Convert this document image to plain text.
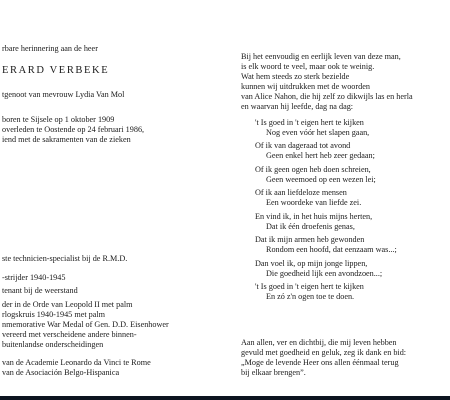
rbare herinnering aan de heer
ERARD VERBEKE
tgenoot van mevrouw Lydia Van Mol
boren te Sijsele op 1 oktober 1909
overleden te Oostende op 24 februari 1986,
iend met de sakramenten van de zieken
ste technicien-specialist bij de R.M.D.
-strijder 1940-1945
tenant bij de weerstand
der in de Orde van Leopold II met palm
rlogskruis 1940-1945 met palm
nmemorative War Medal of Gen. D.D. Eisenhower
vereerd met verscheidene andere binnen-
buitenlandse onderscheidingen
van de Academie Leonardo da Vinci te Rome
van de Asociación Belgo-Hispanica
Bij het eenvoudig en eerlijk leven van deze man,
is elk woord te veel, maar ook te weinig.
Wat hem steeds zo sterk bezielde
kunnen wij uitdrukken met de woorden
van Alice Nahon, die hij zelf zo dikwijls las en herla
en waarvan hij leefde, dag na dag:
't Is goed in 't eigen hert te kijken
Nog even vóór het slapen gaan,
Of ik van dageraad tot avond
Geen enkel hert heb zeer gedaan;
Of ik geen ogen heb doen schreien,
Geen weemoed op een wezen lei;
Of ik aan liefdeloze mensen
Een woordeke van liefde zei.
En vind ik, in het huis mijns herten,
Dat ik één droefenis genas,
Dat ik mijn armen heb gewonden
Rondom een hoofd, dat eenzaam was...;
Dan voel ik, op mijn jonge lippen,
Die goedheid lijk een avondzoen...;
't Is goed in 't eigen hert te kijken
En zó z'n ogen toe te doen.
Aan allen, ver en dichtbij, die mij leven hebben
gevuld met goedheid en geluk, zeg ik dank en bid:
„Moge de levende Heer ons allen éénmaal terug
bij elkaar brengen”.
